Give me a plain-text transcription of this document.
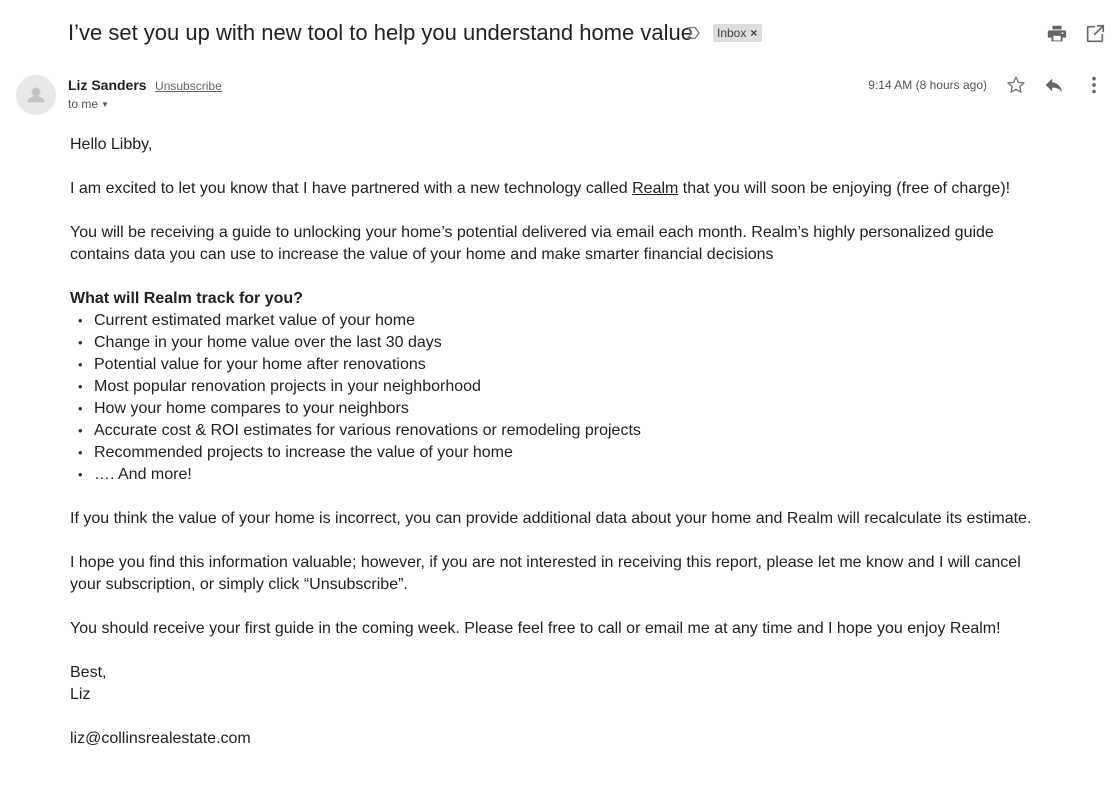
I’ve set you up with new tool to help you understand home value	Inbox ×
Liz Sanders Unsubscribe
to me ▼
9:14 AM (8 hours ago)

Hello Libby,

I am excited to let you know that I have partnered with a new technology called Realm that you will soon be enjoying (free of charge)!

You will be receiving a guide to unlocking your home’s potential delivered via email each month. Realm’s highly personalized guide contains data you can use to increase the value of your home and make smarter financial decisions

What will Realm track for you?
• Current estimated market value of your home
• Change in your home value over the last 30 days
• Potential value for your home after renovations
• Most popular renovation projects in your neighborhood
• How your home compares to your neighbors
• Accurate cost & ROI estimates for various renovations or remodeling projects
• Recommended projects to increase the value of your home
• …. And more!

If you think the value of your home is incorrect, you can provide additional data about your home and Realm will recalculate its estimate.

I hope you find this information valuable; however, if you are not interested in receiving this report, please let me know and I will cancel your subscription, or simply click “Unsubscribe”.

You should receive your first guide in the coming week. Please feel free to call or email me at any time and I hope you enjoy Realm!

Best,

Liz

liz@collinsrealestate.com
